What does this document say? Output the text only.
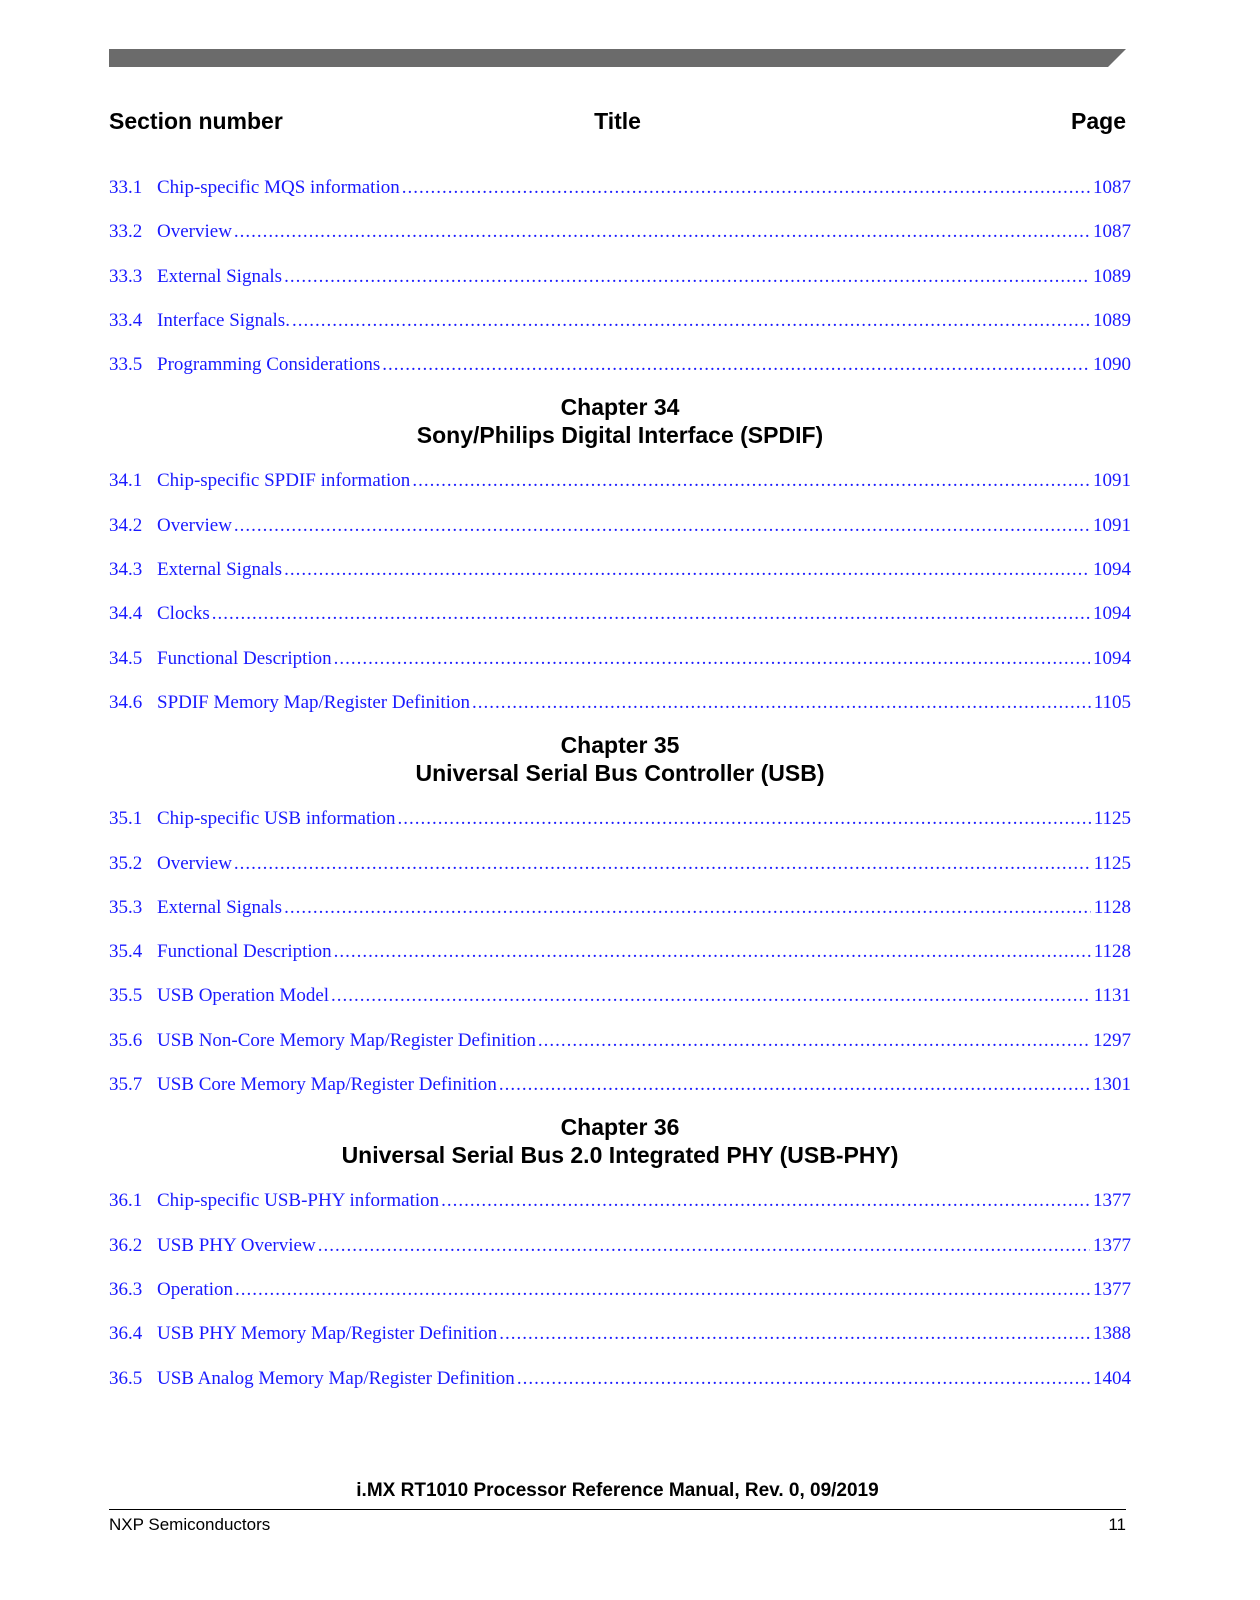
Section number	Title	Page
33.1 Chip-specific MQS information .....	1087
33.2 Overview .....	1087
33.3 External Signals .....	1089
33.4 Interface Signals. .....	1089
33.5 Programming Considerations .....	1090
Chapter 34
Sony/Philips Digital Interface (SPDIF)
34.1 Chip-specific SPDIF information .....	1091
34.2 Overview .....	1091
34.3 External Signals .....	1094
34.4 Clocks .....	1094
34.5 Functional Description .....	1094
34.6 SPDIF Memory Map/Register Definition .....	1105
Chapter 35
Universal Serial Bus Controller (USB)
35.1 Chip-specific USB information .....	1125
35.2 Overview .....	1125
35.3 External Signals .....	1128
35.4 Functional Description .....	1128
35.5 USB Operation Model .....	1131
35.6 USB Non-Core Memory Map/Register Definition .....	1297
35.7 USB Core Memory Map/Register Definition .....	1301
Chapter 36
Universal Serial Bus 2.0 Integrated PHY (USB-PHY)
36.1 Chip-specific USB-PHY information .....	1377
36.2 USB PHY Overview .....	1377
36.3 Operation .....	1377
36.4 USB PHY Memory Map/Register Definition .....	1388
36.5 USB Analog Memory Map/Register Definition .....	1404
i.MX RT1010 Processor Reference Manual, Rev. 0, 09/2019
NXP Semiconductors	11
